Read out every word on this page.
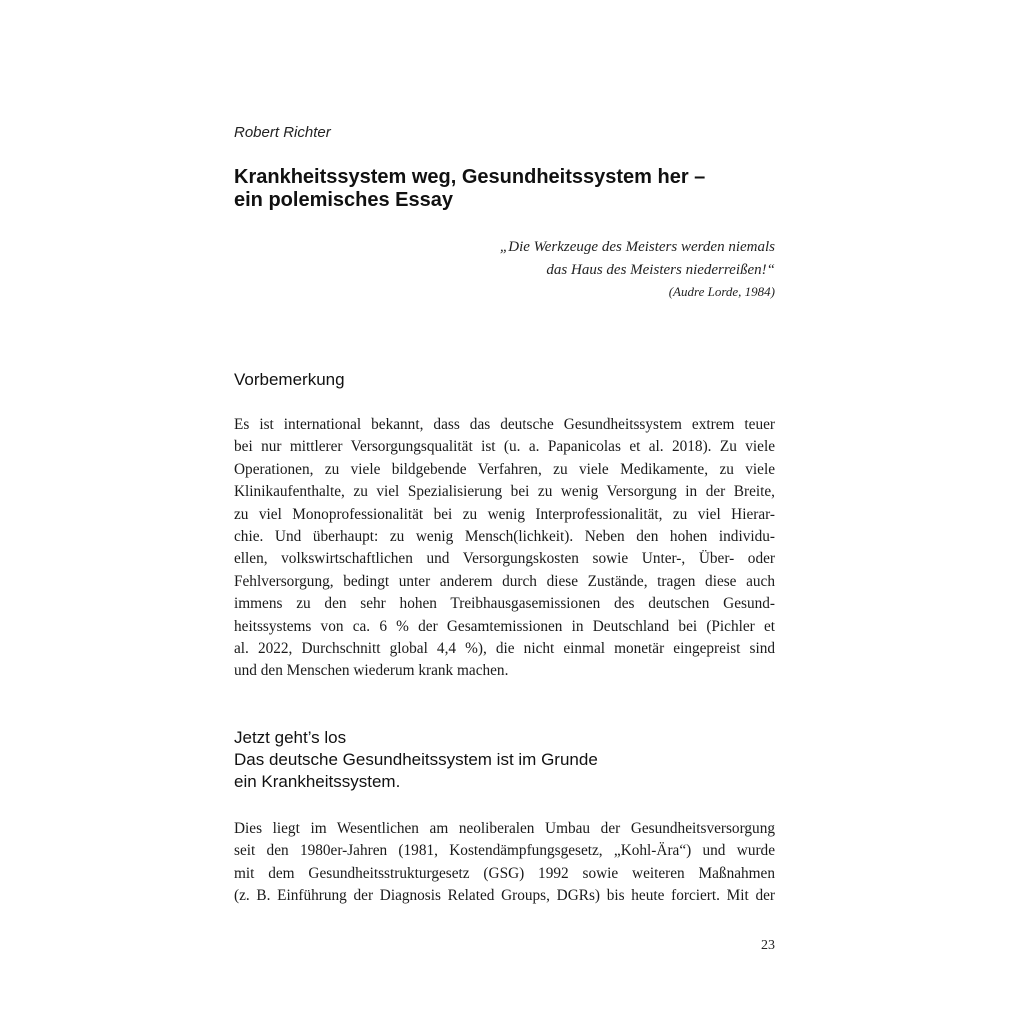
Robert Richter
Krankheitssystem weg, Gesundheitssystem her –
ein polemisches Essay
„Die Werkzeuge des Meisters werden niemals
das Haus des Meisters niederreißen!“
(Audre Lorde, 1984)
Vorbemerkung
Es ist international bekannt, dass das deutsche Gesundheitssystem extrem teuer
bei nur mittlerer Versorgungsqualität ist (u. a. Papanicolas et al. 2018). Zu viele
Operationen, zu viele bildgebende Verfahren, zu viele Medikamente, zu viele
Klinikaufenthalte, zu viel Spezialisierung bei zu wenig Versorgung in der Breite,
zu viel Monoprofessionalität bei zu wenig Interprofessionalität, zu viel Hierar-
chie. Und überhaupt: zu wenig Mensch(lichkeit). Neben den hohen individu-
ellen, volkswirtschaftlichen und Versorgungskosten sowie Unter-, Über- oder
Fehlversorgung, bedingt unter anderem durch diese Zustände, tragen diese auch
immens zu den sehr hohen Treibhausgasemissionen des deutschen Gesund-
heitssystems von ca. 6 % der Gesamtemissionen in Deutschland bei (Pichler et
al. 2022, Durchschnitt global 4,4 %), die nicht einmal monetär eingepreist sind
und den Menschen wiederum krank machen.
Jetzt geht’s los
Das deutsche Gesundheitssystem ist im Grunde
ein Krankheitssystem.
Dies liegt im Wesentlichen am neoliberalen Umbau der Gesundheitsversorgung
seit den 1980er-Jahren (1981, Kostendämpfungsgesetz, „Kohl-Ära“) und wurde
mit dem Gesundheitsstrukturgesetz (GSG) 1992 sowie weiteren Maßnahmen
(z. B. Einführung der Diagnosis Related Groups, DGRs) bis heute forciert. Mit der
23
